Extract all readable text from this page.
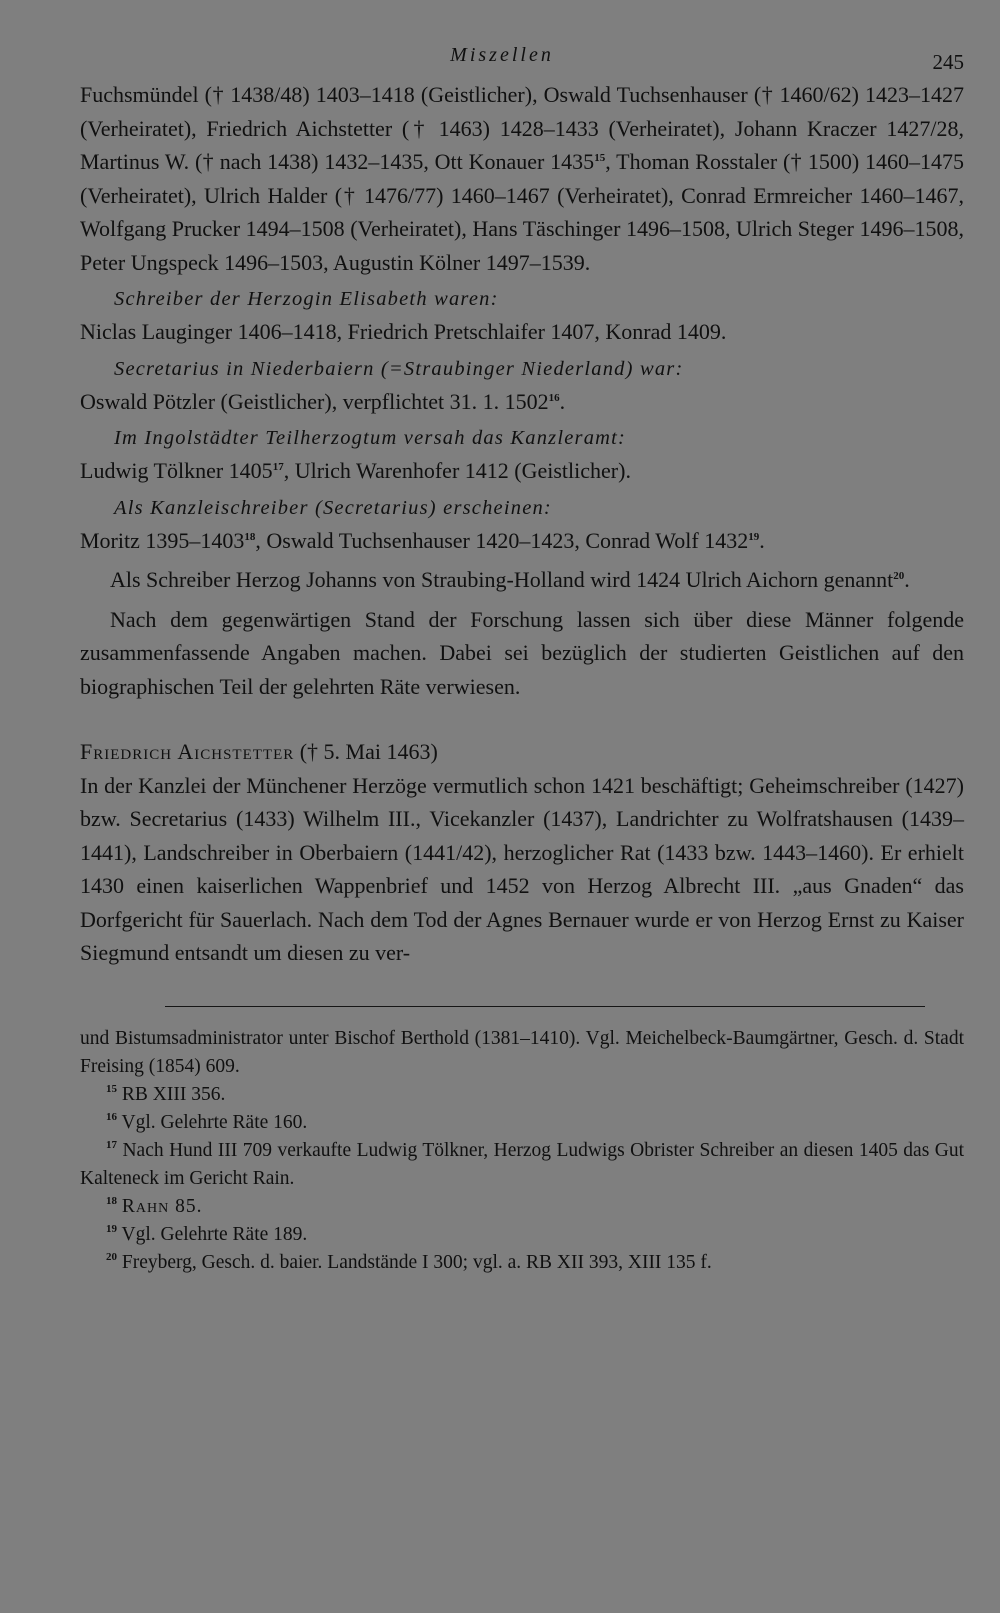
Miszellen	245

Fuchsmündel († 1438/48) 1403–1418 (Geistlicher), Oswald Tuchsenhauser († 1460/62) 1423–1427 (Verheiratet), Friedrich Aichstetter († 1463) 1428–1433 (Verheiratet), Johann Kraczer 1427/28, Martinus W. († nach 1438) 1432–1435, Ott Konauer 1435$^{15}$, Thoman Rosstaler († 1500) 1460–1475 (Verheiratet), Ulrich Halder († 1476/77) 1460–1467 (Verheiratet), Conrad Ermreicher 1460–1467, Wolfgang Prucker 1494–1508 (Verheiratet), Hans Täschinger 1496–1508, Ulrich Steger 1496–1508, Peter Ungspeck 1496–1503, Augustin Kölner 1497–1539.

Schreiber der Herzogin Elisabeth waren:

Niclas Lauginger 1406–1418, Friedrich Pretschlaifer 1407, Konrad 1409.

Secretarius in Niederbaiern (=Straubinger Niederland) war:

Oswald Pötzler (Geistlicher), verpflichtet 31. 1. 1502$^{16}$.

Im Ingolstädter Teilherzogtum versah das Kanzleramt:

Ludwig Tölkner 1405$^{17}$, Ulrich Warenhofer 1412 (Geistlicher).

Als Kanzleischreiber (Secretarius) erscheinen:

Moritz 1395–1403$^{18}$, Oswald Tuchsenhauser 1420–1423, Conrad Wolf 1432$^{19}$.

Als Schreiber Herzog Johanns von Straubing-Holland wird 1424 Ulrich Aichorn genannt$^{20}$.

Nach dem gegenwärtigen Stand der Forschung lassen sich über diese Männer folgende zusammenfassende Angaben machen. Dabei sei bezüglich der studierten Geistlichen auf den biographischen Teil der gelehrten Räte verwiesen.

Friedrich Aichstetter († 5. Mai 1463)

In der Kanzlei der Münchener Herzöge vermutlich schon 1421 beschäftigt; Geheimschreiber (1427) bzw. Secretarius (1433) Wilhelm III., Vicekanzler (1437), Landrichter zu Wolfratshausen (1439–1441), Landschreiber in Oberbaiern (1441/42), herzoglicher Rat (1433 bzw. 1443–1460). Er erhielt 1430 einen kaiserlichen Wappenbrief und 1452 von Herzog Albrecht III. „aus Gnaden“ das Dorfgericht für Sauerlach. Nach dem Tod der Agnes Bernauer wurde er von Herzog Ernst zu Kaiser Siegmund entsandt um diesen zu ver-

und Bistumsadministrator unter Bischof Berthold (1381–1410). Vgl. Meichelbeck-Baumgärtner, Gesch. d. Stadt Freising (1854) 609.

$^{15}$ RB XIII 356.

$^{16}$ Vgl. Gelehrte Räte 160.

$^{17}$ Nach Hund III 709 verkaufte Ludwig Tölkner, Herzog Ludwigs Obrister Schreiber an diesen 1405 das Gut Kalteneck im Gericht Rain.

$^{18}$ Rahn 85.

$^{19}$ Vgl. Gelehrte Räte 189.

$^{20}$ Freyberg, Gesch. d. baier. Landstände I 300; vgl. a. RB XII 393, XIII 135 f.
